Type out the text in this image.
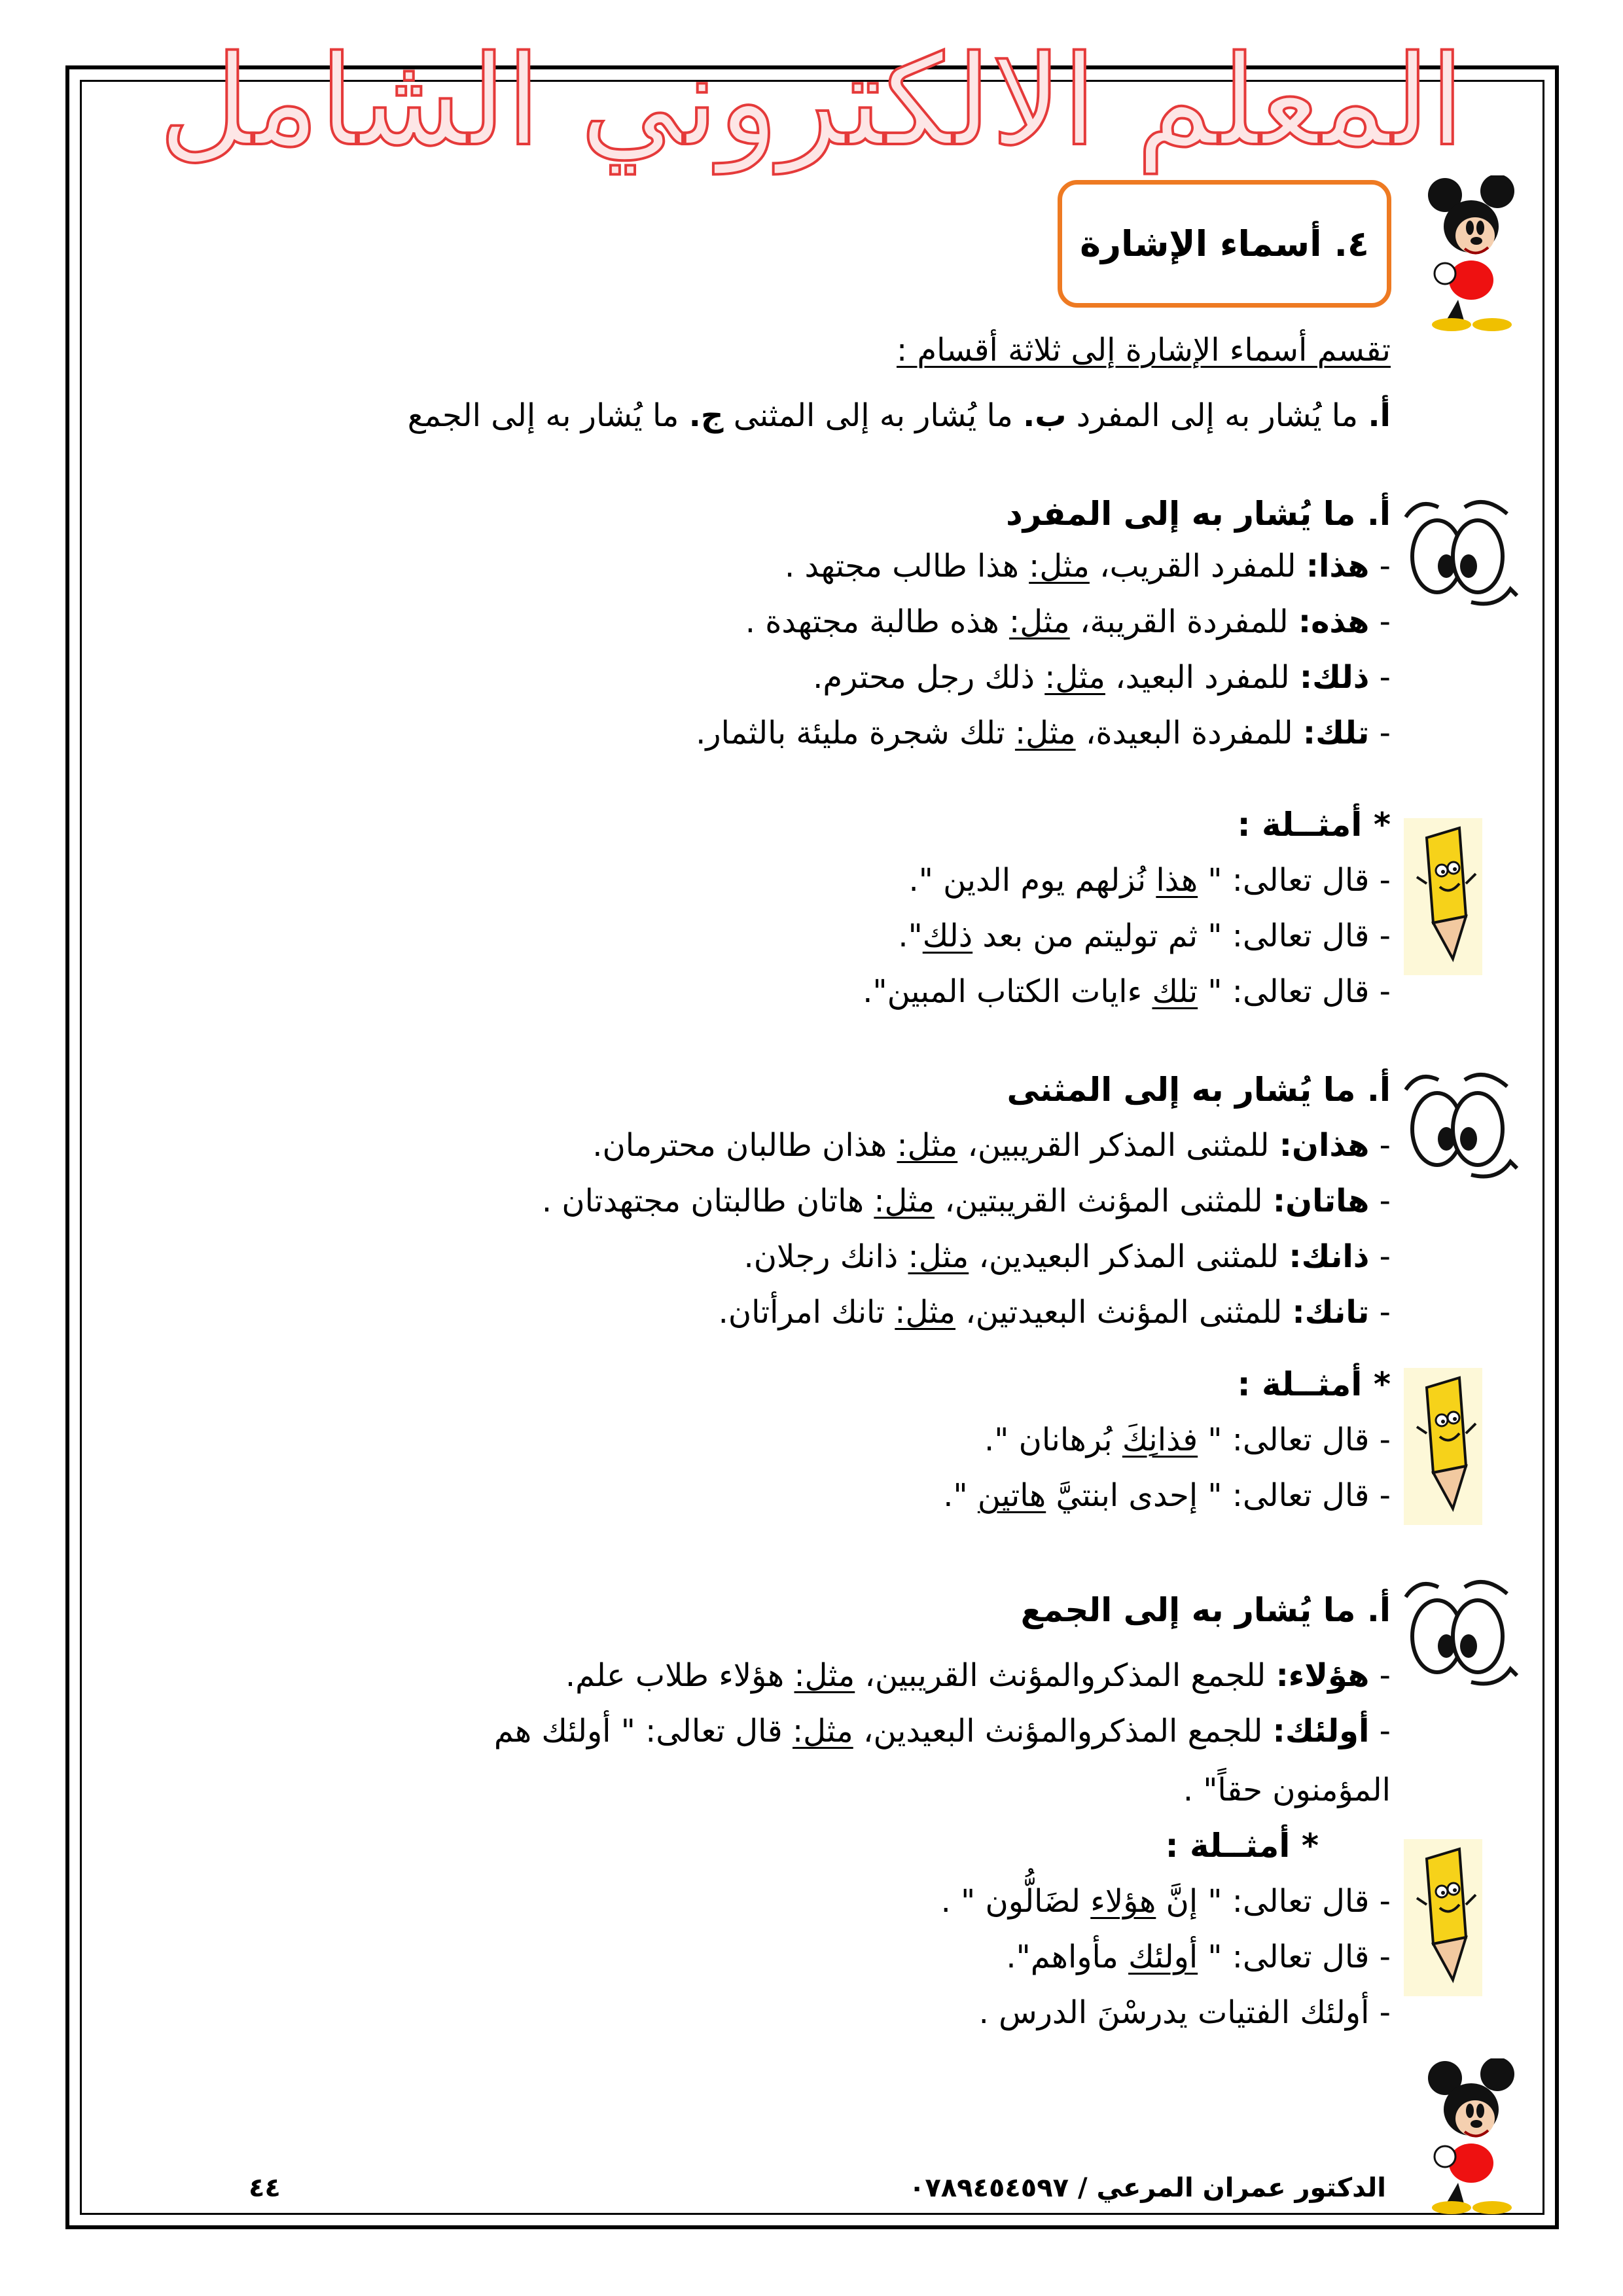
المعلم الالكتروني الشامل
٤. أسماء الإشارة
تقسم أسماء الإشارة إلى ثلاثة أقسام :
أ. ما يُشار به إلى المفرد ب. ما يُشار به إلى المثنى ج. ما يُشار به إلى الجمع
أ. ما يُشار به إلى المفرد
- هذا: للمفرد القريب، مثل: هذا طالب مجتهد .
- هذه: للمفردة القريبة، مثل: هذه طالبة مجتهدة .
- ذلك: للمفرد البعيد، مثل: ذلك رجل محترم.
- تلك: للمفردة البعيدة، مثل: تلك شجرة مليئة بالثمار.
* أمثــلة :
- قال تعالى: " هذا نُزلهم يوم الدين ".
- قال تعالى: " ثم توليتم من بعد ذلك".
- قال تعالى: " تلك ءايات الكتاب المبين".
أ. ما يُشار به إلى المثنى
- هذان: للمثنى المذكر القريبين، مثل: هذان طالبان محترمان.
- هاتان: للمثنى المؤنث القريبتين، مثل: هاتان طالبتان مجتهدتان .
- ذانك: للمثنى المذكر البعيدين، مثل: ذانك رجلان.
- تانك: للمثنى المؤنث البعيدتين، مثل: تانك امرأتان.
* أمثــلة :
- قال تعالى: " فذانِكَ بُرهانان ".
- قال تعالى: " إحدى ابنتيَّ هاتين ".
أ. ما يُشار به إلى الجمع
- هؤلاء: للجمع المذكروالمؤنث القريبين، مثل: هؤلاء طلاب علم.
- أولئك: للجمع المذكروالمؤنث البعيدين، مثل: قال تعالى: " أولئك هم
المؤمنون حقاً" .
* أمثــلة :
- قال تعالى: " إنَّ هؤلاء لضَالُّون " .
- قال تعالى: " أولئك مأواهم".
- أولئك الفتيات يدرسْنَ الدرس .
الدكتور عمران المرعي / ٠٧٨٩٤٥٤٥٩٧
٤٤
